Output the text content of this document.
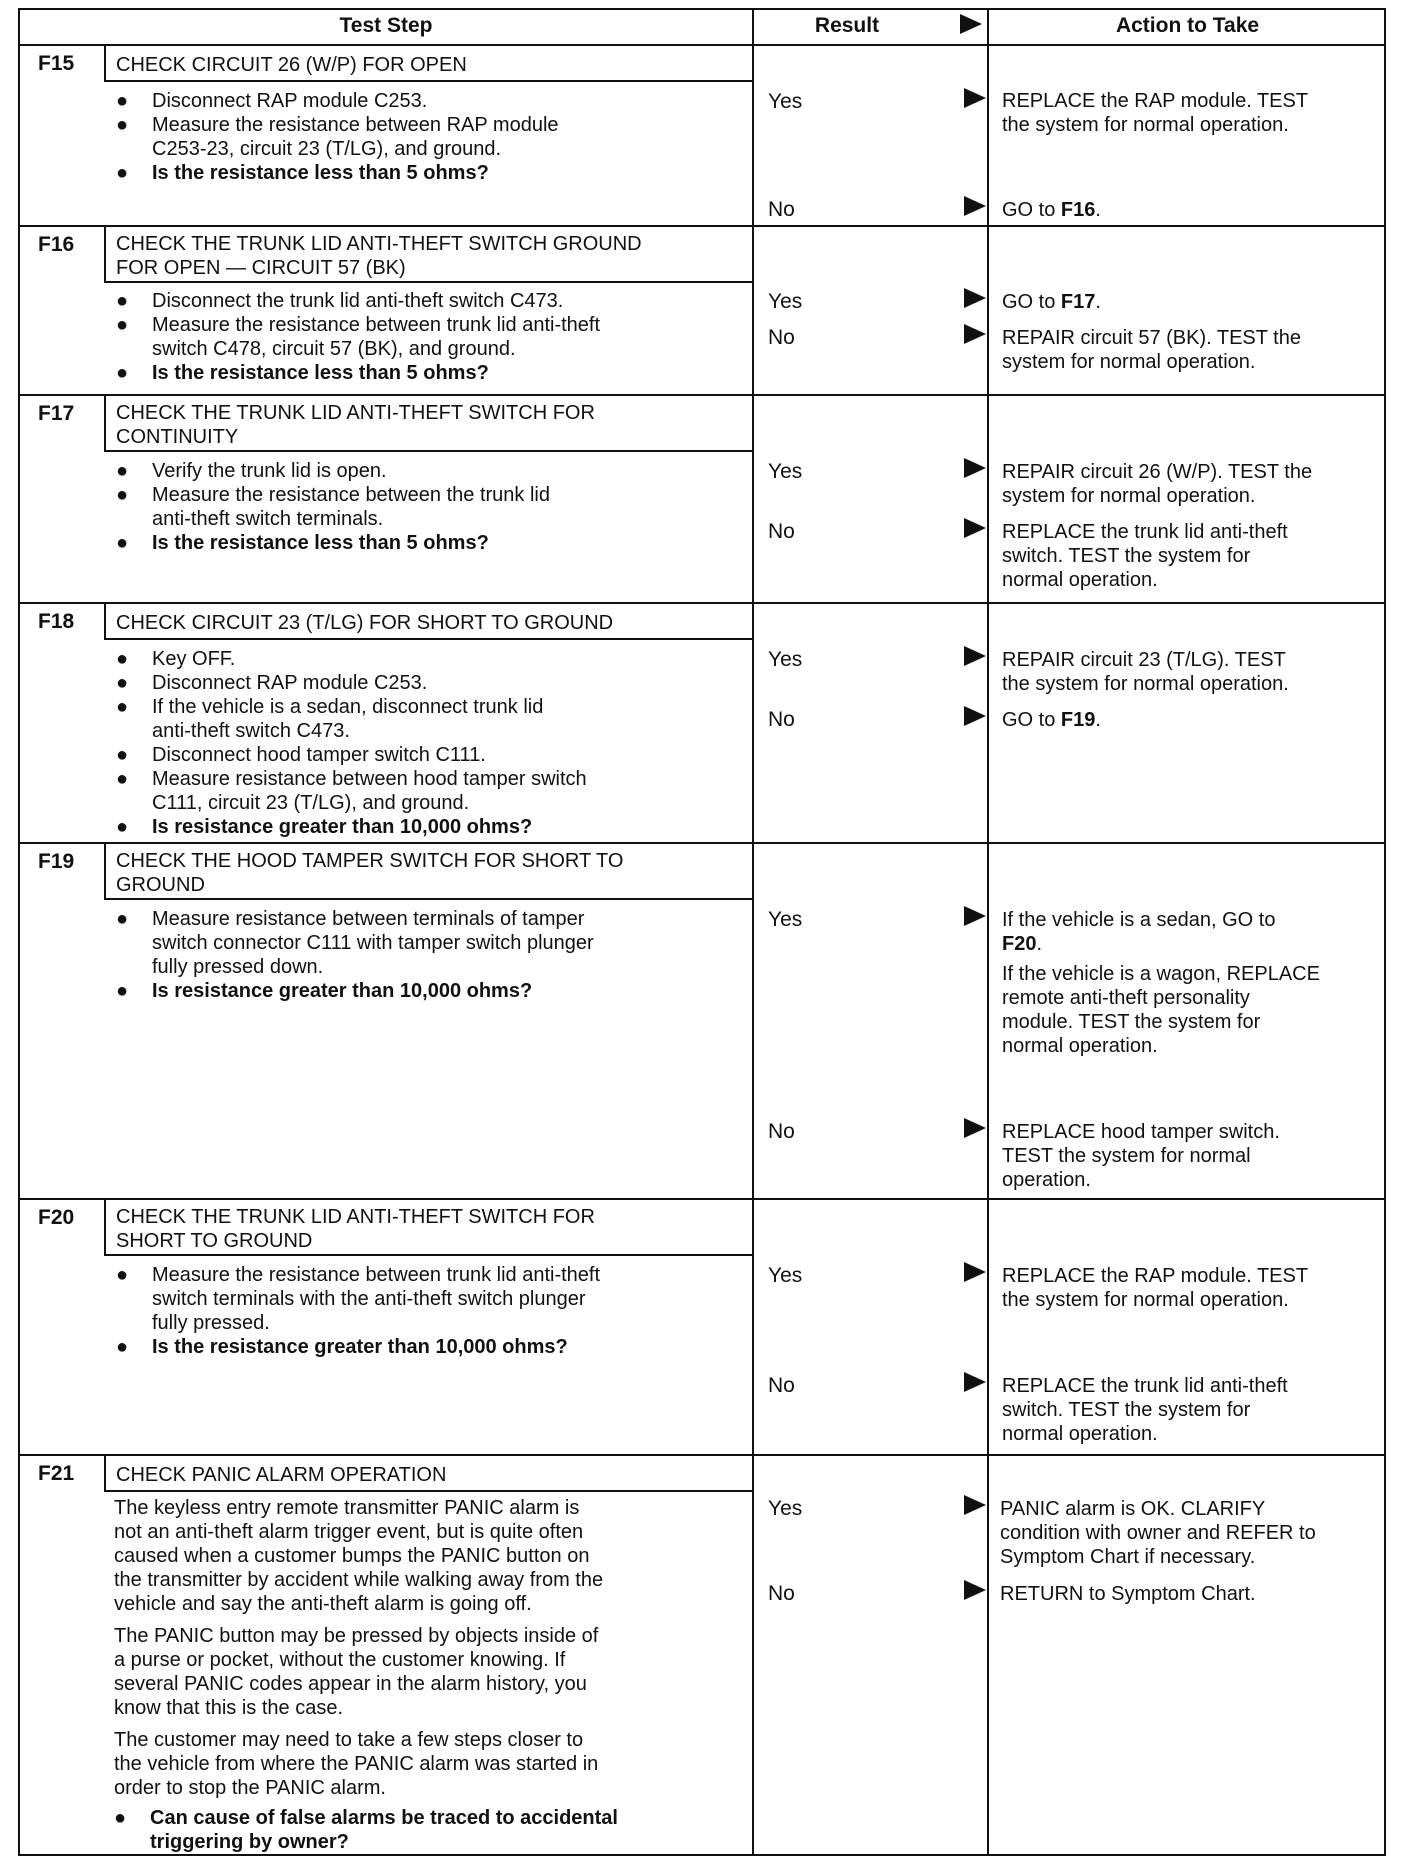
Test Step	Result	Action to Take
F15 CHECK CIRCUIT 26 (W/P) FOR OPEN
● Disconnect RAP module C253.
● Measure the resistance between RAP module
C253-23, circuit 23 (T/LG), and ground.
● Is the resistance less than 5 ohms?
Yes	REPLACE the RAP module. TEST
the system for normal operation.
No	GO to F16.
F16 CHECK THE TRUNK LID ANTI-THEFT SWITCH GROUND
FOR OPEN — CIRCUIT 57 (BK)
● Disconnect the trunk lid anti-theft switch C473.
● Measure the resistance between trunk lid anti-theft
switch C478, circuit 57 (BK), and ground.
● Is the resistance less than 5 ohms?
Yes	GO to F17.
No	REPAIR circuit 57 (BK). TEST the
system for normal operation.
F17 CHECK THE TRUNK LID ANTI-THEFT SWITCH FOR
CONTINUITY
● Verify the trunk lid is open.
● Measure the resistance between the trunk lid
anti-theft switch terminals.
● Is the resistance less than 5 ohms?
Yes	REPAIR circuit 26 (W/P). TEST the
system for normal operation.
No	REPLACE the trunk lid anti-theft
switch. TEST the system for
normal operation.
F18 CHECK CIRCUIT 23 (T/LG) FOR SHORT TO GROUND
● Key OFF.
● Disconnect RAP module C253.
● If the vehicle is a sedan, disconnect trunk lid
anti-theft switch C473.
● Disconnect hood tamper switch C111.
● Measure resistance between hood tamper switch
C111, circuit 23 (T/LG), and ground.
● Is resistance greater than 10,000 ohms?
Yes	REPAIR circuit 23 (T/LG). TEST
the system for normal operation.
No	GO to F19.
F19 CHECK THE HOOD TAMPER SWITCH FOR SHORT TO
GROUND
● Measure resistance between terminals of tamper
switch connector C111 with tamper switch plunger
fully pressed down.
● Is resistance greater than 10,000 ohms?
Yes	If the vehicle is a sedan, GO to
F20.
If the vehicle is a wagon, REPLACE
remote anti-theft personality
module. TEST the system for
normal operation.
No	REPLACE hood tamper switch.
TEST the system for normal
operation.
F20 CHECK THE TRUNK LID ANTI-THEFT SWITCH FOR
SHORT TO GROUND
● Measure the resistance between trunk lid anti-theft
switch terminals with the anti-theft switch plunger
fully pressed.
● Is the resistance greater than 10,000 ohms?
Yes	REPLACE the RAP module. TEST
the system for normal operation.
No	REPLACE the trunk lid anti-theft
switch. TEST the system for
normal operation.
F21 CHECK PANIC ALARM OPERATION
The keyless entry remote transmitter PANIC alarm is
not an anti-theft alarm trigger event, but is quite often
caused when a customer bumps the PANIC button on
the transmitter by accident while walking away from the
vehicle and say the anti-theft alarm is going off.
The PANIC button may be pressed by objects inside of
a purse or pocket, without the customer knowing. If
several PANIC codes appear in the alarm history, you
know that this is the case.
The customer may need to take a few steps closer to
the vehicle from where the PANIC alarm was started in
order to stop the PANIC alarm.
● Can cause of false alarms be traced to accidental
triggering by owner?
Yes	PANIC alarm is OK. CLARIFY
condition with owner and REFER to
Symptom Chart if necessary.
No	RETURN to Symptom Chart.
